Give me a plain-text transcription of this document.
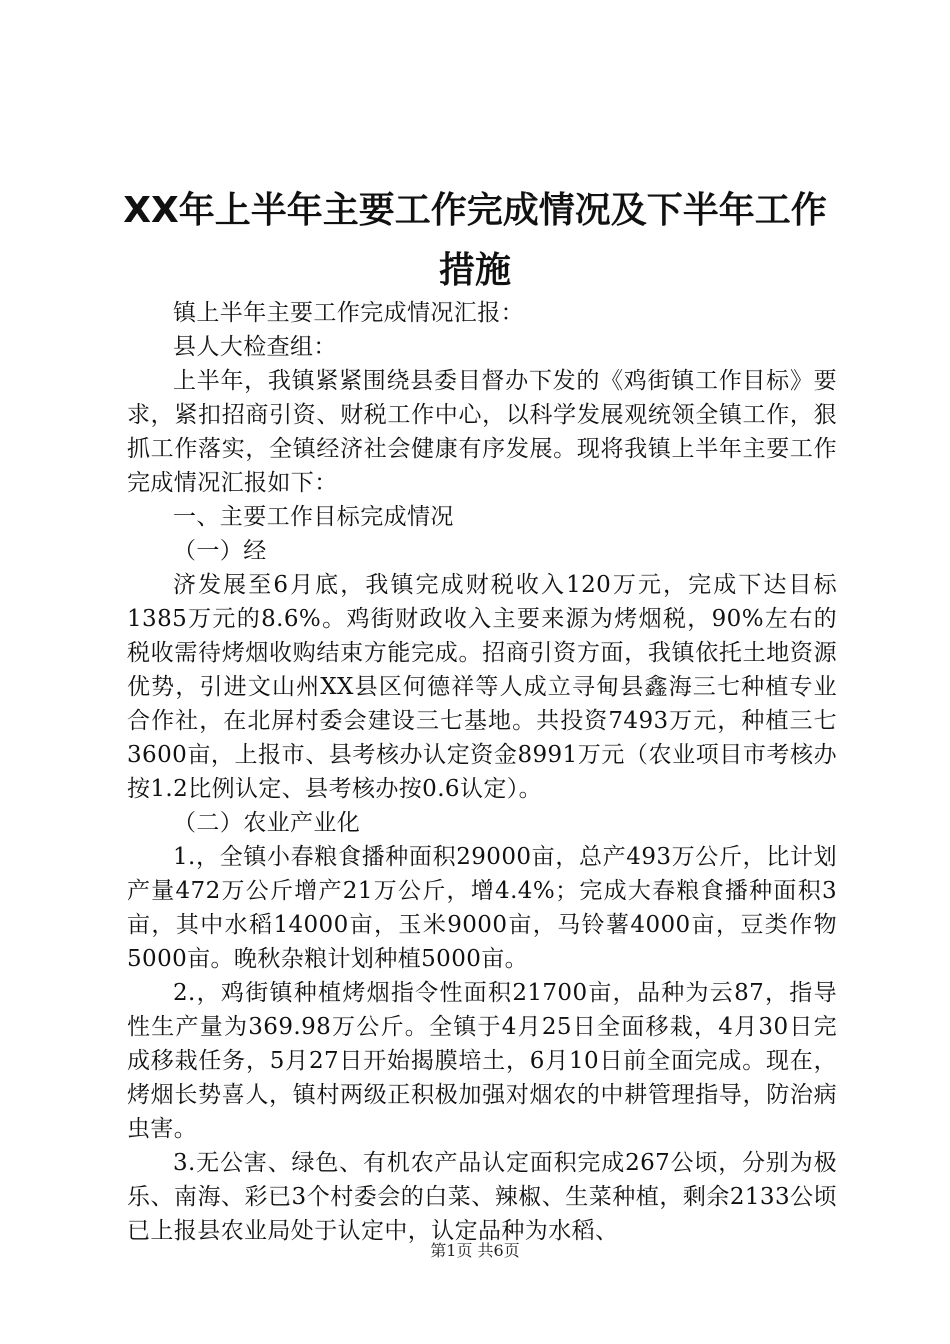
XX年上半年主要工作完成情况及下半年工作
措施

镇上半年主要工作完成情况汇报：

县人大检查组：

上半年，我镇紧紧围绕县委目督办下发的《鸡街镇工作目标》要求，紧扣招商引资、财税工作中心，以科学发展观统领全镇工作，狠抓工作落实，全镇经济社会健康有序发展。现将我镇上半年主要工作完成情况汇报如下：

一、主要工作目标完成情况

（一）经

济发展至6月底，我镇完成财税收入120万元，完成下达目标1385万元的8.6%。鸡街财政收入主要来源为烤烟税，90%左右的税收需待烤烟收购结束方能完成。招商引资方面，我镇依托土地资源优势，引进文山州XX县区何德祥等人成立寻甸县鑫海三七种植专业合作社，在北屏村委会建设三七基地。共投资7493万元，种植三七3600亩，上报市、县考核办认定资金8991万元（农业项目市考核办按1.2比例认定、县考核办按0.6认定）。

（二）农业产业化

1.，全镇小春粮食播种面积29000亩，总产493万公斤，比计划产量472万公斤增产21万公斤，增4.4%；完成大春粮食播种面积3亩，其中水稻14000亩，玉米9000亩，马铃薯4000亩，豆类作物5000亩。晚秋杂粮计划种植5000亩。

2.，鸡街镇种植烤烟指令性面积21700亩，品种为云87，指导性生产量为369.98万公斤。全镇于4月25日全面移栽，4月30日完成移栽任务，5月27日开始揭膜培土，6月10日前全面完成。现在，烤烟长势喜人，镇村两级正积极加强对烟农的中耕管理指导，防治病虫害。

3.无公害、绿色、有机农产品认定面积完成267公顷，分别为极乐、南海、彩已3个村委会的白菜、辣椒、生菜种植，剩余2133公顷已上报县农业局处于认定中，认定品种为水稻、

第1页 共6页
